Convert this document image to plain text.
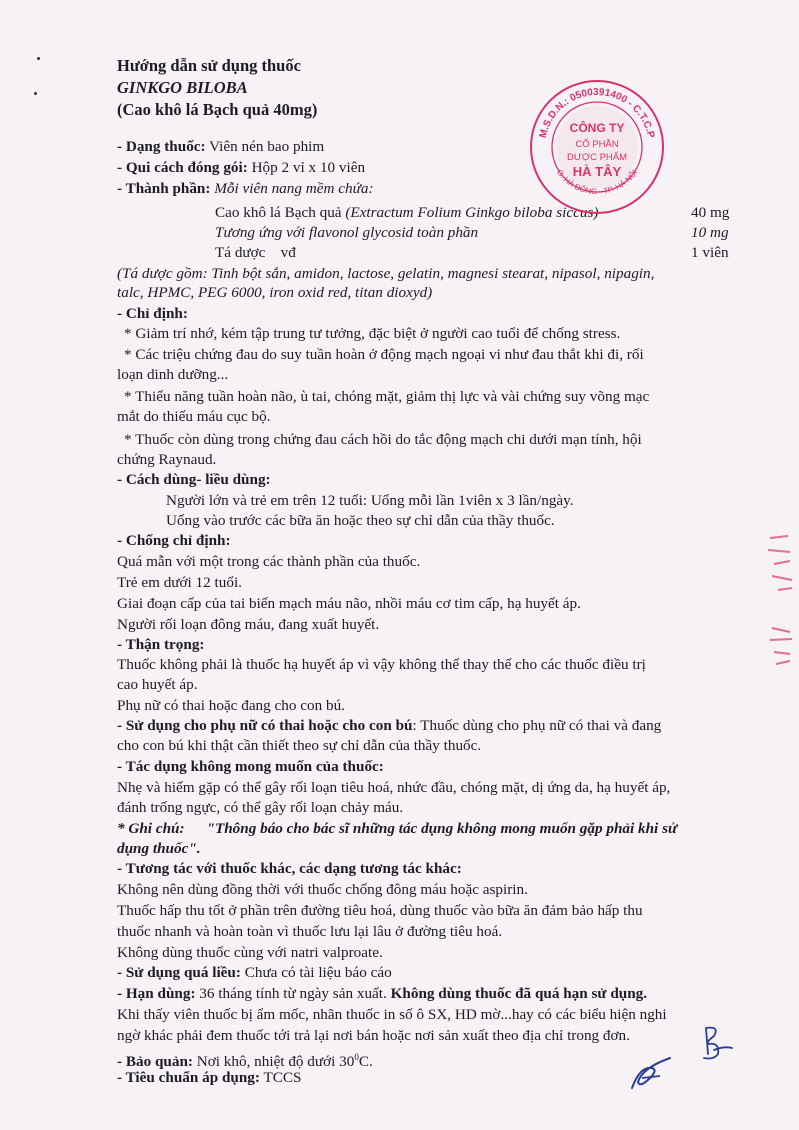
Hướng dẫn sử dụng thuốc
GINKGO BILOBA
(Cao khô lá Bạch quả 40mg)
- Dạng thuốc: Viên nén bao phim
- Qui cách đóng gói: Hộp 2 vỉ x 10 viên
- Thành phần: Mỗi viên nang mềm chứa:
Cao khô lá Bạch quả (Extractum Folium Ginkgo biloba siccus)	40 mg
Tương ứng với flavonol glycosid toàn phần	10 mg
Tá dược    vđ	1 viên
(Tá dược gồm: Tinh bột sắn, amidon, lactose, gelatin, magnesi stearat, nipasol, nipagin,
talc, HPMC, PEG 6000, iron oxid red, titan dioxyd)
- Chỉ định:
* Giảm trí nhớ, kém tập trung tư tưởng, đặc biệt ở người cao tuổi để chống stress.
* Các triệu chứng đau do suy tuần hoàn ở động mạch ngoại vi như đau thắt khi đi, rối
loạn dinh dưỡng...
* Thiểu năng tuần hoàn não, ù tai, chóng mặt, giảm thị lực và vài chứng suy võng mạc
mắt do thiếu máu cục bộ.
* Thuốc còn dùng trong chứng đau cách hồi do tắc động mạch chi dưới mạn tính, hội
chứng Raynaud.
- Cách dùng- liều dùng:
Người lớn và trẻ em trên 12 tuổi: Uống mỗi lần 1viên x 3 lần/ngày.
Uống vào trước các bữa ăn hoặc theo sự chỉ dẫn của thầy thuốc.
- Chống chỉ định:
Quá mẫn với một trong các thành phần của thuốc.
Trẻ em dưới 12 tuổi.
Giai đoạn cấp của tai biến mạch máu não, nhồi máu cơ tim cấp, hạ huyết áp.
Người rối loạn đông máu, đang xuất huyết.
- Thận trọng:
Thuốc không phải là thuốc hạ huyết áp vì vậy không thể thay thế cho các thuốc điều trị
cao huyết áp.
Phụ nữ có thai hoặc đang cho con bú.
- Sử dụng cho phụ nữ có thai hoặc cho con bú: Thuốc dùng cho phụ nữ có thai và đang
cho con bú khi thật cần thiết theo sự chỉ dẫn của thầy thuốc.
- Tác dụng không mong muốn của thuốc:
Nhẹ và hiếm gặp có thể gây rối loạn tiêu hoá, nhức đầu, chóng mặt, dị ứng da, hạ huyết áp,
đánh trống ngực, có thể gây rối loạn chảy máu.
* Ghi chú: "Thông báo cho bác sĩ những tác dụng không mong muốn gặp phải khi sử
dụng thuốc".
- Tương tác với thuốc khác, các dạng tương tác khác:
Không nên dùng đồng thời với thuốc chống đông máu hoặc aspirin.
Thuốc hấp thu tốt ở phần trên đường tiêu hoá, dùng thuốc vào bữa ăn đảm bảo hấp thu
thuốc nhanh và hoàn toàn vì thuốc lưu lại lâu ở đường tiêu hoá.
Không dùng thuốc cùng với natri valproate.
- Sử dụng quá liều: Chưa có tài liệu báo cáo
- Hạn dùng: 36 tháng tính từ ngày sản xuất. Không dùng thuốc đã quá hạn sử dụng.
Khi thấy viên thuốc bị ẩm mốc, nhãn thuốc in số ô SX, HD mờ...hay có các biểu hiện nghi
ngờ khác phải đem thuốc tới trả lại nơi bán hoặc nơi sản xuất theo địa chỉ trong đơn.
- Bảo quản: Nơi khô, nhiệt độ dưới $30^0C$.
- Tiêu chuẩn áp dụng: TCCS
M.S.D.N.: 0500391400 - C.T.C.P
O. HÀ ĐÔNG - TP. HÀ NỘI
CÔNG TY
CỔ PHẦN
DƯỢC PHẨM
HÀ TÂY
